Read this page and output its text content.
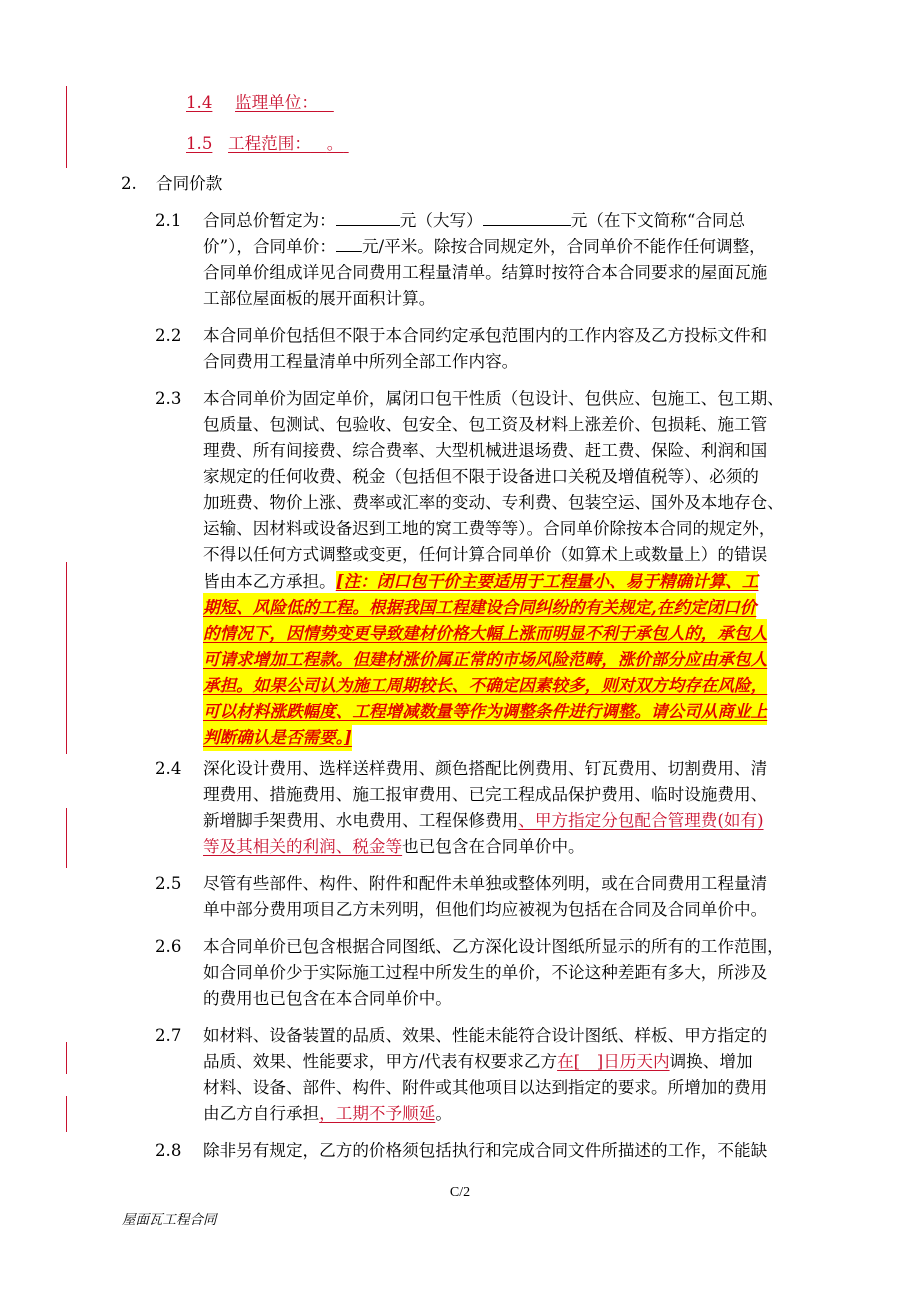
1.4 监理单位：
1.5 工程范围： 。
2. 合同价款
2.1 合同总价暂定为：	元（大写）	元（在下文简称“合同总
价”），合同单价： 元/平米。除按合同规定外，合同单价不能作任何调整，
合同单价组成详见合同费用工程量清单。结算时按符合本合同要求的屋面瓦施
工部位屋面板的展开面积计算。
2.2 本合同单价包括但不限于本合同约定承包范围内的工作内容及乙方投标文件和
合同费用工程量清单中所列全部工作内容。
2.3 本合同单价为固定单价，属闭口包干性质（包设计、包供应、包施工、包工期、
包质量、包测试、包验收、包安全、包工资及材料上涨差价、包损耗、施工管
理费、所有间接费、综合费率、大型机械进退场费、赶工费、保险、利润和国
家规定的任何收费、税金（包括但不限于设备进口关税及增值税等）、必须的
加班费、物价上涨、费率或汇率的变动、专利费、包装空运、国外及本地存仓、
运输、因材料或设备迟到工地的窝工费等等）。合同单价除按本合同的规定外，
不得以任何方式调整或变更，任何计算合同单价（如算术上或数量上）的错误
皆由本乙方承担。[注：闭口包干价主要适用于工程量小、易于精确计算、工
期短、风险低的工程。根据我国工程建设合同纠纷的有关规定,在约定闭口价
的情况下，因情势变更导致建材价格大幅上涨而明显不利于承包人的，承包人
可请求增加工程款。但建材涨价属正常的市场风险范畴，涨价部分应由承包人
承担。如果公司认为施工周期较长、不确定因素较多，则对双方均存在风险，
可以材料涨跌幅度、工程增减数量等作为调整条件进行调整。请公司从商业上
判断确认是否需要。]
2.4 深化设计费用、选样送样费用、颜色搭配比例费用、钉瓦费用、切割费用、清
理费用、措施费用、施工报审费用、已完工程成品保护费用、临时设施费用、
新增脚手架费用、水电费用、工程保修费用、甲方指定分包配合管理费(如有)
等及其相关的利润、税金等也已包含在合同单价中。
2.5 尽管有些部件、构件、附件和配件未单独或整体列明，或在合同费用工程量清
单中部分费用项目乙方未列明，但他们均应被视为包括在合同及合同单价中。
2.6 本合同单价已包含根据合同图纸、乙方深化设计图纸所显示的所有的工作范围，
如合同单价少于实际施工过程中所发生的单价，不论这种差距有多大，所涉及
的费用也已包含在本合同单价中。
2.7 如材料、设备装置的品质、效果、性能未能符合设计图纸、样板、甲方指定的
品质、效果、性能要求，甲方/代表有权要求乙方在[　]日历天内调换、增加
材料、设备、部件、构件、附件或其他项目以达到指定的要求。所增加的费用
由乙方自行承担，工期不予顺延。
2.8 除非另有规定，乙方的价格须包括执行和完成合同文件所描述的工作，不能缺
C/2
屋面瓦工程合同
